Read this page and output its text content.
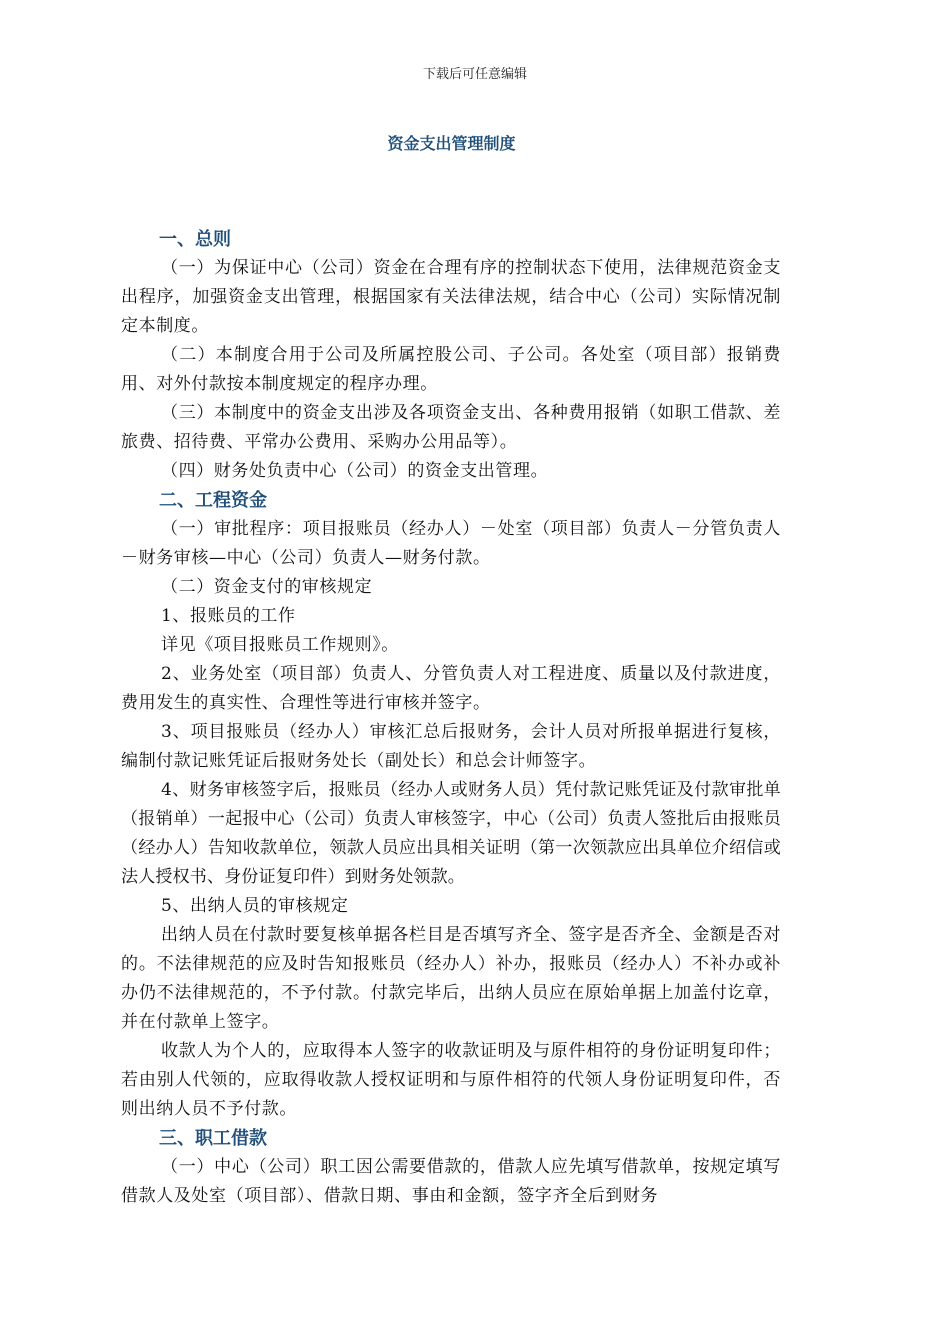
下载后可任意编辑
资金支出管理制度
一、总则

（一）为保证中心（公司）资金在合理有序的控制状态下使用，法律规范资金支出程序，加强资金支出管理，根据国家有关法律法规，结合中心（公司）实际情况制定本制度。

（二）本制度合用于公司及所属控股公司、子公司。各处室（项目部）报销费用、对外付款按本制度规定的程序办理。

（三）本制度中的资金支出涉及各项资金支出、各种费用报销（如职工借款、差旅费、招待费、平常办公费用、采购办公用品等）。

（四）财务处负责中心（公司）的资金支出管理。

二、工程资金

（一）审批程序：项目报账员（经办人）－处室（项目部）负责人－分管负责人－财务审核—中心（公司）负责人—财务付款。

（二）资金支付的审核规定

1、报账员的工作

详见《项目报账员工作规则》。

2、业务处室（项目部）负责人、分管负责人对工程进度、质量以及付款进度，费用发生的真实性、合理性等进行审核并签字。

3、项目报账员（经办人）审核汇总后报财务，会计人员对所报单据进行复核，编制付款记账凭证后报财务处长（副处长）和总会计师签字。

4、财务审核签字后，报账员（经办人或财务人员）凭付款记账凭证及付款审批单（报销单）一起报中心（公司）负责人审核签字，中心（公司）负责人签批后由报账员（经办人）告知收款单位，领款人员应出具相关证明（第一次领款应出具单位介绍信或法人授权书、身份证复印件）到财务处领款。

5、出纳人员的审核规定

出纳人员在付款时要复核单据各栏目是否填写齐全、签字是否齐全、金额是否对的。不法律规范的应及时告知报账员（经办人）补办，报账员（经办人）不补办或补办仍不法律规范的，不予付款。付款完毕后，出纳人员应在原始单据上加盖付讫章，并在付款单上签字。

收款人为个人的，应取得本人签字的收款证明及与原件相符的身份证明复印件；若由别人代领的，应取得收款人授权证明和与原件相符的代领人身份证明复印件，否则出纳人员不予付款。

三、职工借款

（一）中心（公司）职工因公需要借款的，借款人应先填写借款单，按规定填写借款人及处室（项目部）、借款日期、事由和金额，签字齐全后到财务
